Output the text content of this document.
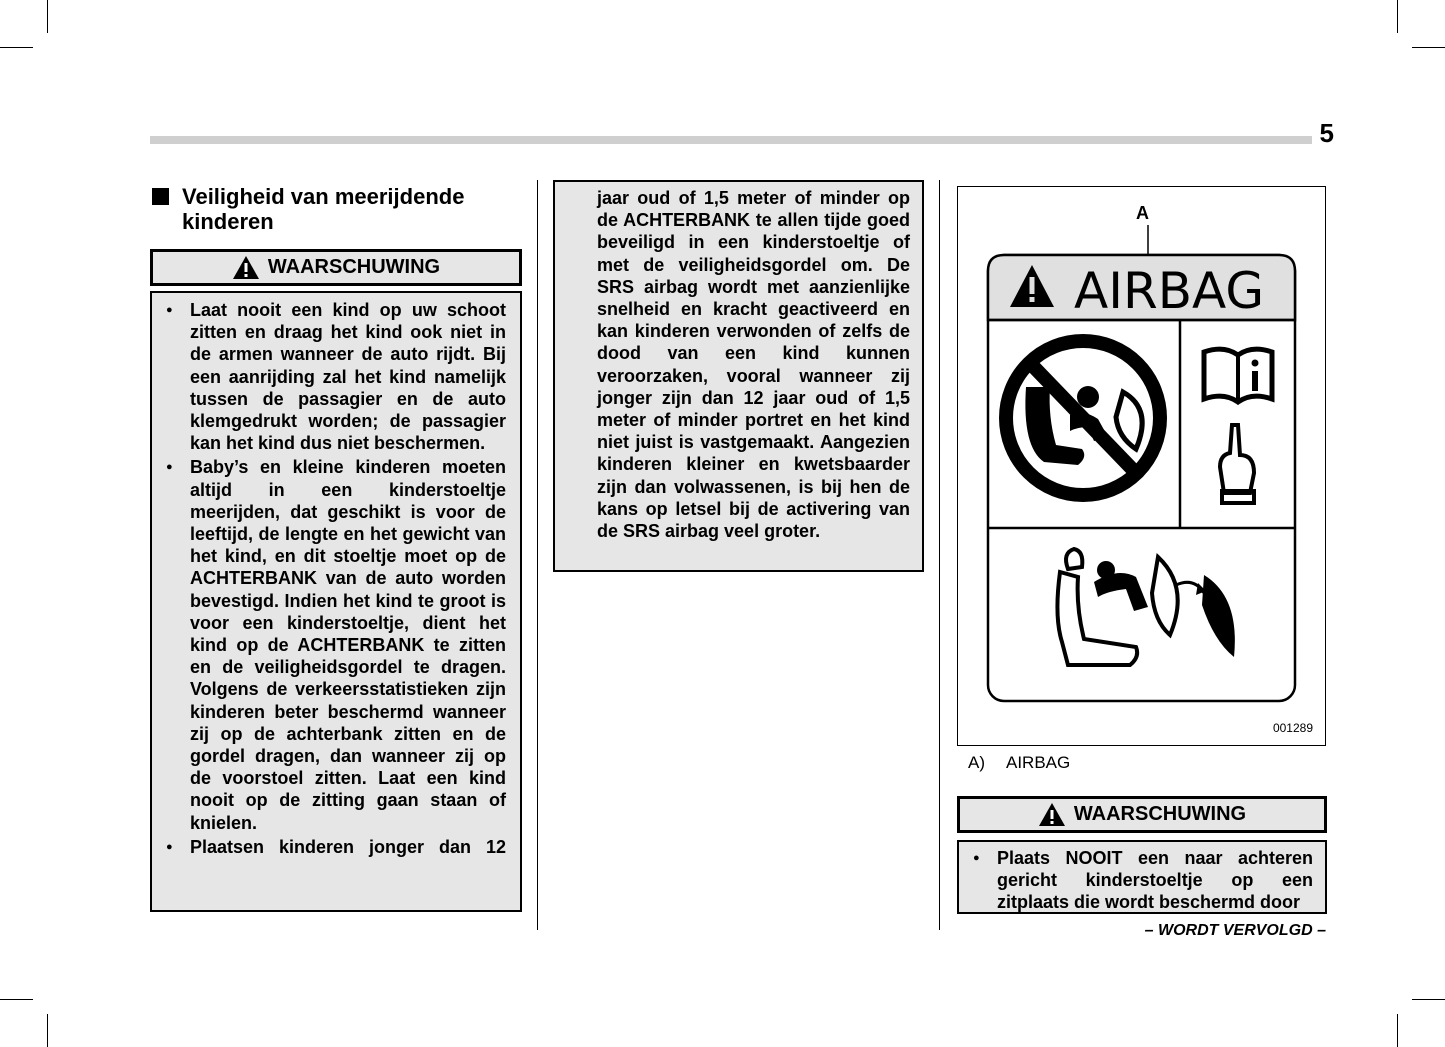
5
Veiligheid van meerijdende kinderen
WAARSCHUWING
● Laat nooit een kind op uw schoot zitten en draag het kind ook niet in de armen wanneer de auto rijdt. Bij een aanrijding zal het kind namelijk tussen de passagier en de auto klemgedrukt worden; de passagier kan het kind dus niet beschermen.
● Baby’s en kleine kinderen moeten altijd in een kinderstoeltje meerijden, dat geschikt is voor de leeftijd, de lengte en het gewicht van het kind, en dit stoeltje moet op de ACHTERBANK van de auto worden bevestigd. Indien het kind te groot is voor een kinderstoeltje, dient het kind op de ACHTERBANK te zitten en de veiligheidsgordel te dragen. Volgens de verkeersstatistieken zijn kinderen beter beschermd wanneer zij op de achterbank zitten en de gordel dragen, dan wanneer zij op de voorstoel zitten. Laat een kind nooit op de zitting gaan staan of knielen.
● Plaatsen kinderen jonger dan 12

jaar oud of 1,5 meter of minder op de ACHTERBANK te allen tijde goed beveiligd in een kinderstoeltje of met de veiligheidsgordel om. De SRS airbag wordt met aanzienlijke snelheid en kracht geactiveerd en kan kinderen verwonden of zelfs de dood van een kind kunnen veroorzaken, vooral wanneer zij jonger zijn dan 12 jaar oud of 1,5 meter of minder portret en het kind niet juist is vastgemaakt. Aangezien kinderen kleiner en kwetsbaarder zijn dan volwassenen, is bij hen de kans op letsel bij de activering van de SRS airbag veel groter.

A
AIRBAG
001289
A) AIRBAG
WAARSCHUWING
● Plaats NOOIT een naar achteren gericht kinderstoeltje op een zitplaats die wordt beschermd door
– WORDT VERVOLGD –
